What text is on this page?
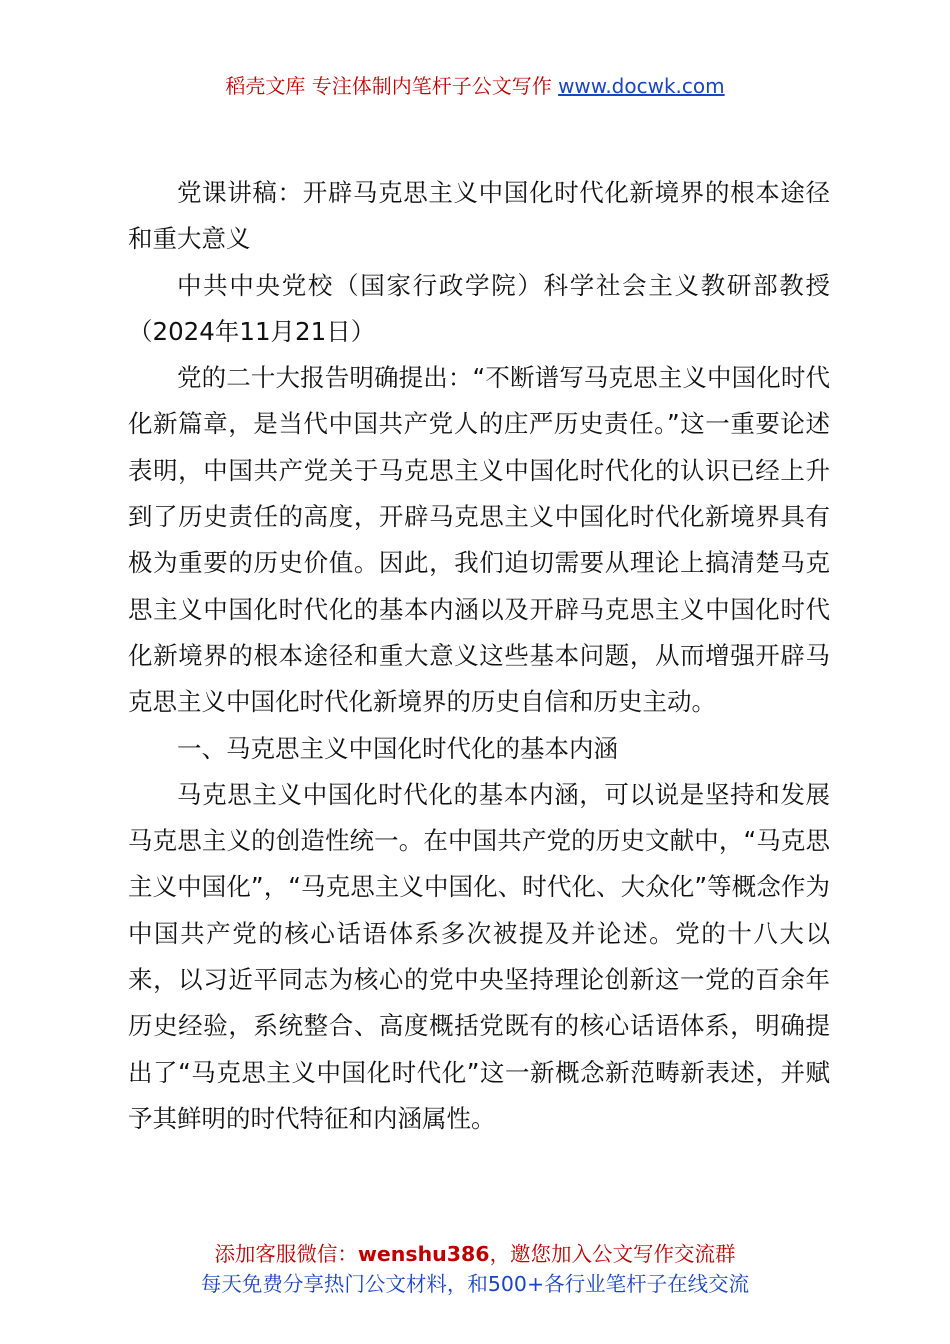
稻壳文库 专注体制内笔杆子公文写作 www.docwk.com

党课讲稿：开辟马克思主义中国化时代化新境界的根本途径和重大意义

中共中央党校（国家行政学院）科学社会主义教研部教授（2024年11月21日）

党的二十大报告明确提出：“不断谱写马克思主义中国化时代化新篇章，是当代中国共产党人的庄严历史责任。”这一重要论述表明，中国共产党关于马克思主义中国化时代化的认识已经上升到了历史责任的高度，开辟马克思主义中国化时代化新境界具有极为重要的历史价值。因此，我们迫切需要从理论上搞清楚马克思主义中国化时代化的基本内涵以及开辟马克思主义中国化时代化新境界的根本途径和重大意义这些基本问题，从而增强开辟马克思主义中国化时代化新境界的历史自信和历史主动。

一、马克思主义中国化时代化的基本内涵

马克思主义中国化时代化的基本内涵，可以说是坚持和发展马克思主义的创造性统一。在中国共产党的历史文献中，“马克思主义中国化”，“马克思主义中国化、时代化、大众化”等概念作为中国共产党的核心话语体系多次被提及并论述。党的十八大以来，以习近平同志为核心的党中央坚持理论创新这一党的百余年历史经验，系统整合、高度概括党既有的核心话语体系，明确提出了“马克思主义中国化时代化”这一新概念新范畴新表述，并赋予其鲜明的时代特征和内涵属性。

添加客服微信：wenshu386，邀您加入公文写作交流群
每天免费分享热门公文材料，和500+各行业笔杆子在线交流
